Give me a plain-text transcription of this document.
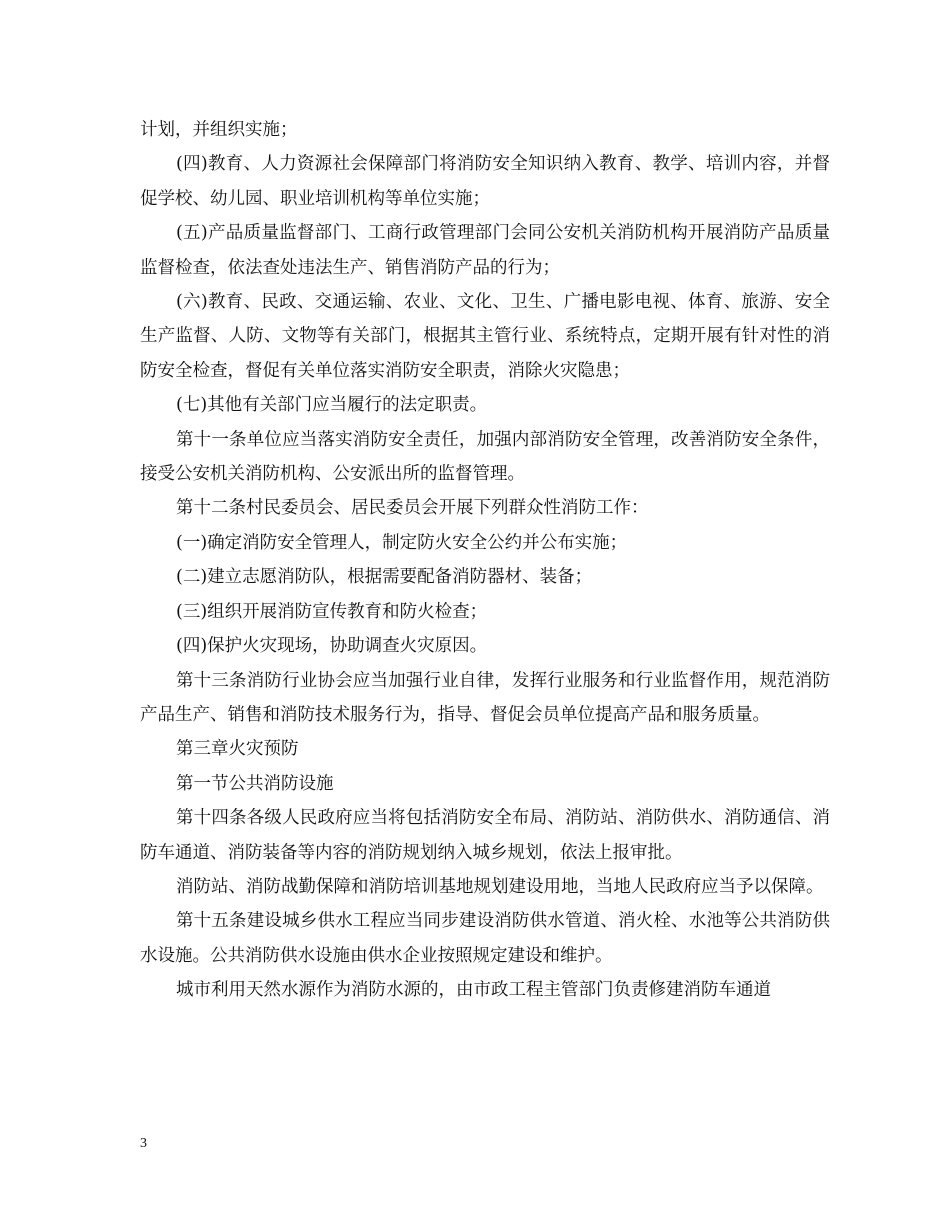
计划，并组织实施；

(四)教育、人力资源社会保障部门将消防安全知识纳入教育、教学、培训内容，并督促学校、幼儿园、职业培训机构等单位实施；

(五)产品质量监督部门、工商行政管理部门会同公安机关消防机构开展消防产品质量监督检查，依法查处违法生产、销售消防产品的行为；

(六)教育、民政、交通运输、农业、文化、卫生、广播电影电视、体育、旅游、安全生产监督、人防、文物等有关部门，根据其主管行业、系统特点，定期开展有针对性的消防安全检查，督促有关单位落实消防安全职责，消除火灾隐患；

(七)其他有关部门应当履行的法定职责。

第十一条单位应当落实消防安全责任，加强内部消防安全管理，改善消防安全条件，接受公安机关消防机构、公安派出所的监督管理。

第十二条村民委员会、居民委员会开展下列群众性消防工作：

(一)确定消防安全管理人，制定防火安全公约并公布实施；

(二)建立志愿消防队，根据需要配备消防器材、装备；

(三)组织开展消防宣传教育和防火检查；

(四)保护火灾现场，协助调查火灾原因。

第十三条消防行业协会应当加强行业自律，发挥行业服务和行业监督作用，规范消防产品生产、销售和消防技术服务行为，指导、督促会员单位提高产品和服务质量。

第三章火灾预防

第一节公共消防设施

第十四条各级人民政府应当将包括消防安全布局、消防站、消防供水、消防通信、消防车通道、消防装备等内容的消防规划纳入城乡规划，依法上报审批。

消防站、消防战勤保障和消防培训基地规划建设用地，当地人民政府应当予以保障。

第十五条建设城乡供水工程应当同步建设消防供水管道、消火栓、水池等公共消防供水设施。公共消防供水设施由供水企业按照规定建设和维护。

城市利用天然水源作为消防水源的，由市政工程主管部门负责修建消防车通道

3
